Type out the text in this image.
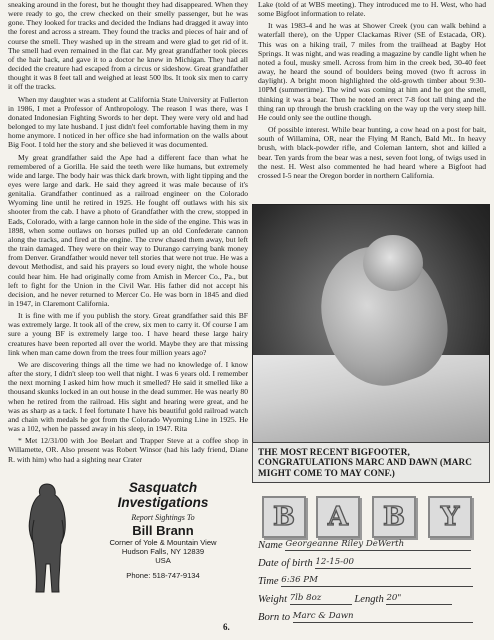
sneaking around in the forest, but he thought they had disappeared. When they were ready to go, the crew checked on their smelly passenger, but he was gone. They looked for tracks and decided the Indians had dragged it away into the forest and across a stream. They found the tracks and pieces of hair and of course the smell. They washed up in the stream and were glad to get rid of it. The smell had even remained in the flat car. My great grandfather took pieces of the hair back, and gave it to a doctor he knew in Michigan. They had all decided the creature had escaped from a circus or sideshow. Great grandfather thought it was 8 feet tall and weighed at least 500 lbs. It took six men to carry it off the tracks.

When my daughter was a student at California State University at Fullerton in 1986, I met a Professor of Anthropology. The reason I was there, was I donated Indonesian Fighting Swords to her dept. They were very old and had belonged to my late husband. I just didn't feel comfortable having them in my home anymore. I noticed in her office she had information on the walls about Big Foot. I told her the story and she believed it was documented.

My great grandfather said the Ape had a different face than what he remembered of a Gorilla. He said the teeth were like humans, but extremely wide and large. The body hair was thick dark brown, with light tipping and the eyes were large and dark. He said they agreed it was male because of it's genitalia. Grandfather continued as a railroad engineer on the Colorado Wyoming line until he retired in 1925. He fought off outlaws with his six shooter from the cab. I have a photo of Grandfather with the crew, stopped in Eads, Colorado, with a large cannon hole in the side of the engine. This was in 1898, when some outlaws on horses pulled up an old Confederate cannon along the tracks, and fired at the engine. The crew chased them away, but left the train damaged. They were on their way to Durango carrying bank money from Denver. Grandfather would never tell stories that were not true. He was a devout Methodist, and said his prayers so loud every night, the whole house could hear him. He had originally come from Amish in Mercer Co., Pa., but left to fight for the Union in the Civil War. His father did not accept his decision, and he never returned to Mercer Co. He was born in 1845 and died in 1947, in Claremont California.

It is fine with me if you publish the story. Great grandfather said this BF was extremely large. It took all of the crew, six men to carry it. Of course I am sure a young BF is extremely large too. I have heard these large hairy creatures have been reported all over the world. Maybe they are that missing link when man came down from the trees four million years ago?

We are discovering things all the time we had no knowledge of. I know after the story, I didn't sleep too well that night. I was 6 years old. I remember the next morning I asked him how much it smelled? He said it smelled like a thousand skunks locked in an out house in the dead summer. He was nearly 80 when he retired from the railroad. His sight and hearing were great, and he was as sharp as a tack. I feel fortunate I have his beautiful gold railroad watch and chain with medals he got from the Colorado Wyoming Line in 1925. He was a 102, when he passed away in his sleep, in 1947. Rita

* Met 12/31/00 with Joe Beelart and Trapper Steve at a coffee shop in Willamette, OR. Also present was Robert Winsor (had his lady friend, Diane R. with him) who had a sighting near Crater

Lake (told of at WBS meeting). They introduced me to H. West, who had some Bigfoot information to relate.

It was 1983-4 and he was at Shower Creek (you can walk behind a waterfall there), on the Upper Clackamas River (SE of Estacada, OR). This was on a hiking trail, 7 miles from the trailhead at Bagby Hot Springs. It was night, and was reading a magazine by candle light when he noted a foul, musky smell. Across from him in the creek bed, 30-40 feet away, he heard the sound of boulders being moved (two ft across in daylight). A bright moon highlighted the old-growth timber about 9:30-10PM (summertime). The wind was coming at him and he got the smell, thinking it was a bear. Then he noted an erect 7-8 foot tall thing and the thing ran up through the brush crackling on the way up the very steep hill. He could only see the outline though.

Of possible interest. While bear hunting, a cow head on a post for bait, south of Willamina, OR, near the Flying M Ranch, Bald Mt.. In heavy brush, with black-powder rifle, and Coleman lantern, shot and killed a bear. Ten yards from the bear was a nest, seven foot long, of twigs used in the nest. H. West also commented he had heard where a Bigfoot had crossed I-5 near the Oregon border in northern California.

THE MOST RECENT BIGFOOTER, CONGRATULATIONS MARC AND DAWN (MARC MIGHT COME TO MAY CONF.)
B	A	B	Y
Name Georgeanne Riley DeWerth
Date of birth 12-15-00
Time 6:36 PM
Weight 7lb 8oz	Length 20"
Born to Marc & Dawn
Sasquatch
Investigations
Report Sightings To
Bill Brann
Corner of Yole & Mountain View
Hudson Falls, NY 12839
USA
Phone: 518-747-9134
6.
